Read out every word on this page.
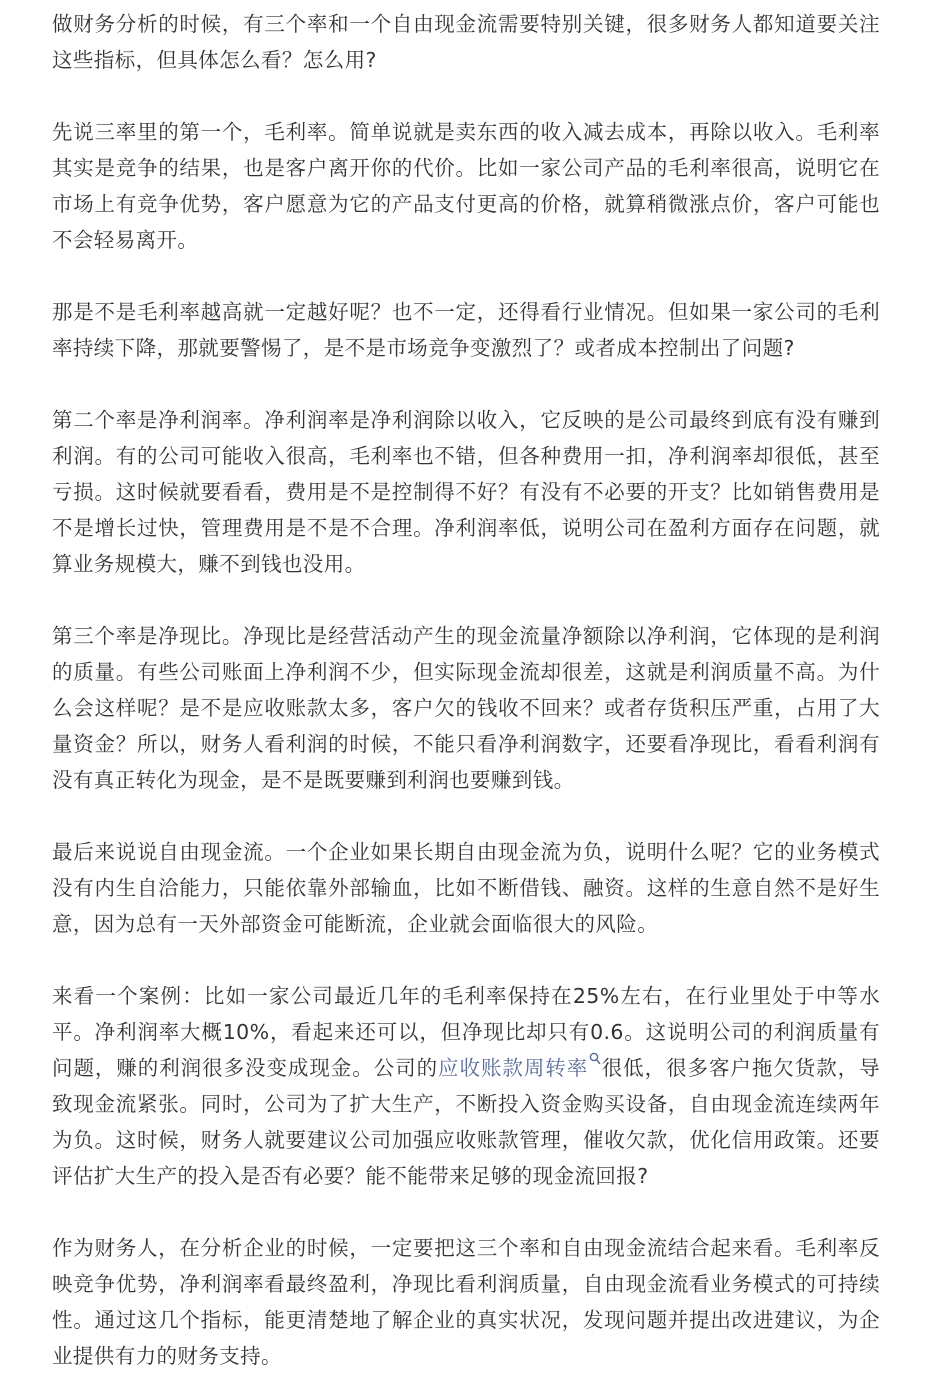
做财务分析的时候，有三个率和一个自由现金流需要特别关键，很多财务人都知道要关注这些指标，但具体怎么看？怎么用?

先说三率里的第一个，毛利率。简单说就是卖东西的收入减去成本，再除以收入。毛利率其实是竞争的结果，也是客户离开你的代价。比如一家公司产品的毛利率很高，说明它在市场上有竞争优势，客户愿意为它的产品支付更高的价格，就算稍微涨点价，客户可能也不会轻易离开。

那是不是毛利率越高就一定越好呢？也不一定，还得看行业情况。但如果一家公司的毛利率持续下降，那就要警惕了，是不是市场竞争变激烈了？或者成本控制出了问题?

第二个率是净利润率。净利润率是净利润除以收入，它反映的是公司最终到底有没有赚到利润。有的公司可能收入很高，毛利率也不错，但各种费用一扣，净利润率却很低，甚至亏损。这时候就要看看，费用是不是控制得不好？有没有不必要的开支？比如销售费用是不是增长过快，管理费用是不是不合理。净利润率低，说明公司在盈利方面存在问题，就算业务规模大，赚不到钱也没用。

第三个率是净现比。净现比是经营活动产生的现金流量净额除以净利润，它体现的是利润的质量。有些公司账面上净利润不少，但实际现金流却很差，这就是利润质量不高。为什么会这样呢？是不是应收账款太多，客户欠的钱收不回来？或者存货积压严重，占用了大量资金？所以，财务人看利润的时候，不能只看净利润数字，还要看净现比，看看利润有没有真正转化为现金，是不是既要赚到利润也要赚到钱。

最后来说说自由现金流。一个企业如果长期自由现金流为负，说明什么呢？它的业务模式没有内生自洽能力，只能依靠外部输血，比如不断借钱、融资。这样的生意自然不是好生意，因为总有一天外部资金可能断流，企业就会面临很大的风险。

来看一个案例：比如一家公司最近几年的毛利率保持在25%左右，在行业里处于中等水平。净利润率大概10%，看起来还可以，但净现比却只有0.6。这说明公司的利润质量有问题，赚的利润很多没变成现金。公司的应收账款周转率 很低，很多客户拖欠货款，导致现金流紧张。同时，公司为了扩大生产，不断投入资金购买设备，自由现金流连续两年为负。这时候，财务人就要建议公司加强应收账款管理，催收欠款，优化信用政策。还要评估扩大生产的投入是否有必要？能不能带来足够的现金流回报?

作为财务人，在分析企业的时候，一定要把这三个率和自由现金流结合起来看。毛利率反映竞争优势，净利润率看最终盈利，净现比看利润质量，自由现金流看业务模式的可持续性。通过这几个指标，能更清楚地了解企业的真实状况，发现问题并提出改进建议，为企业提供有力的财务支持。
